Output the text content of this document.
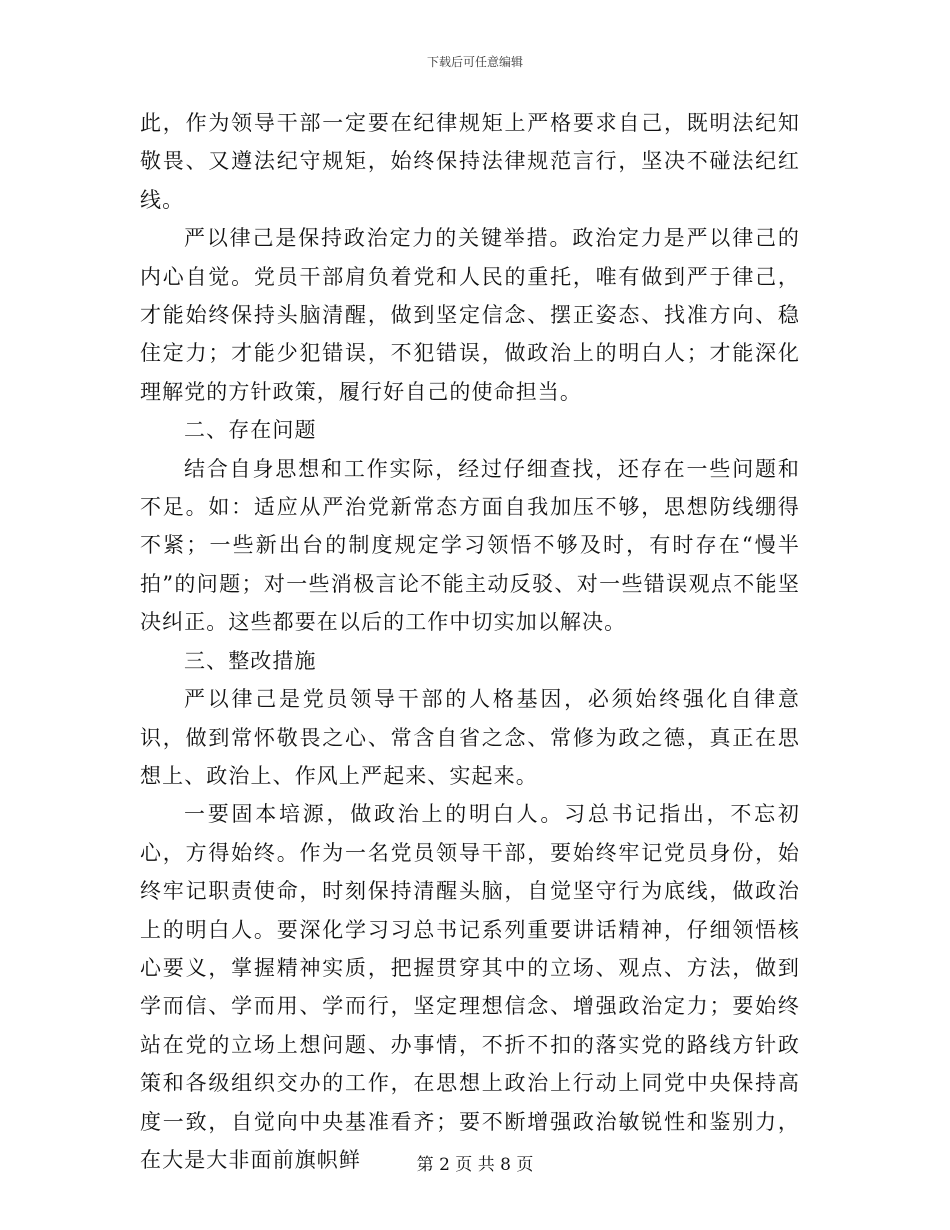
下载后可任意编辑

此，作为领导干部一定要在纪律规矩上严格要求自己，既明法纪知敬畏、又遵法纪守规矩，始终保持法律规范言行，坚决不碰法纪红线。

严以律己是保持政治定力的关键举措。政治定力是严以律己的内心自觉。党员干部肩负着党和人民的重托，唯有做到严于律己，才能始终保持头脑清醒，做到坚定信念、摆正姿态、找准方向、稳住定力；才能少犯错误，不犯错误，做政治上的明白人；才能深化理解党的方针政策，履行好自己的使命担当。

二、存在问题

结合自身思想和工作实际，经过仔细查找，还存在一些问题和不足。如：适应从严治党新常态方面自我加压不够，思想防线绷得不紧；一些新出台的制度规定学习领悟不够及时，有时存在“慢半拍”的问题；对一些消极言论不能主动反驳、对一些错误观点不能坚决纠正。这些都要在以后的工作中切实加以解决。

三、整改措施

严以律己是党员领导干部的人格基因，必须始终强化自律意识，做到常怀敬畏之心、常含自省之念、常修为政之德，真正在思想上、政治上、作风上严起来、实起来。

一要固本培源，做政治上的明白人。习总书记指出，不忘初心，方得始终。作为一名党员领导干部，要始终牢记党员身份，始终牢记职责使命，时刻保持清醒头脑，自觉坚守行为底线，做政治上的明白人。要深化学习习总书记系列重要讲话精神，仔细领悟核心要义，掌握精神实质，把握贯穿其中的立场、观点、方法，做到学而信、学而用、学而行，坚定理想信念、增强政治定力；要始终站在党的立场上想问题、办事情，不折不扣的落实党的路线方针政策和各级组织交办的工作，在思想上政治上行动上同党中央保持高度一致，自觉向中央基准看齐；要不断增强政治敏锐性和鉴别力，在大是大非面前旗帜鲜	第 2 页 共 8 页
